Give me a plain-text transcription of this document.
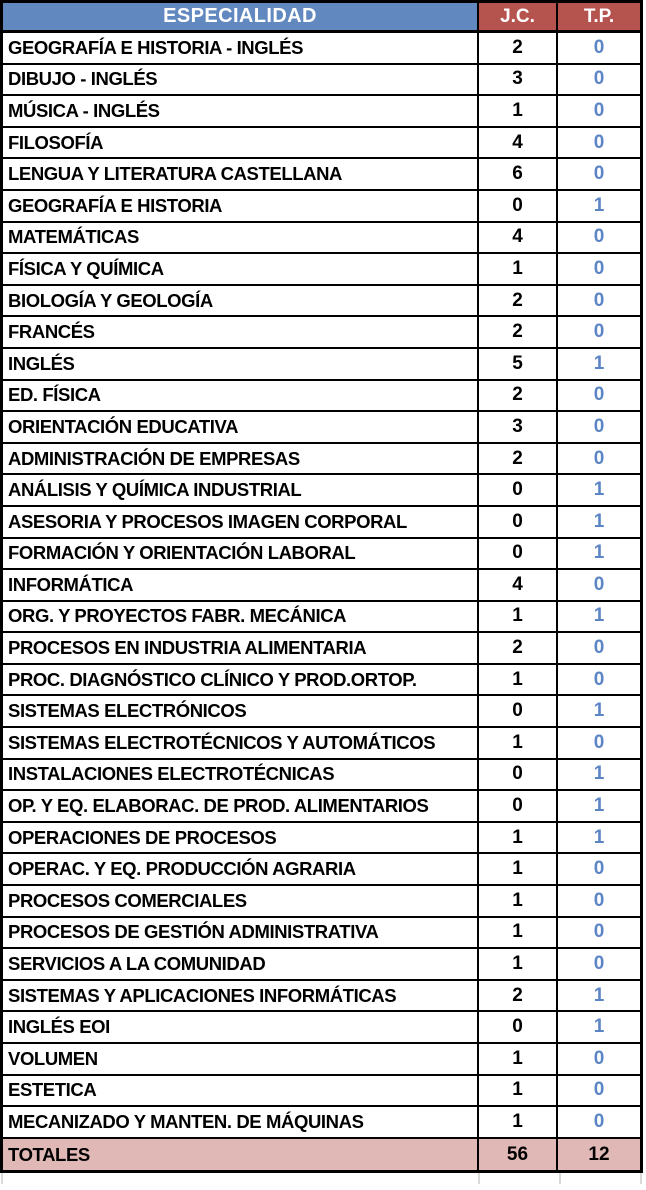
ESPECIALIDAD	J.C.	T.P.
GEOGRAFÍA E HISTORIA - INGLÉS	2	0
DIBUJO - INGLÉS	3	0
MÚSICA - INGLÉS	1	0
FILOSOFÍA	4	0
LENGUA Y LITERATURA CASTELLANA	6	0
GEOGRAFÍA E HISTORIA	0	1
MATEMÁTICAS	4	0
FÍSICA Y QUÍMICA	1	0
BIOLOGÍA Y GEOLOGÍA	2	0
FRANCÉS	2	0
INGLÉS	5	1
ED. FÍSICA	2	0
ORIENTACIÓN EDUCATIVA	3	0
ADMINISTRACIÓN DE EMPRESAS	2	0
ANÁLISIS Y QUÍMICA INDUSTRIAL	0	1
ASESORIA Y PROCESOS IMAGEN CORPORAL	0	1
FORMACIÓN Y ORIENTACIÓN LABORAL	0	1
INFORMÁTICA	4	0
ORG. Y PROYECTOS FABR. MECÁNICA	1	1
PROCESOS EN INDUSTRIA ALIMENTARIA	2	0
PROC. DIAGNÓSTICO CLÍNICO Y PROD.ORTOP.	1	0
SISTEMAS ELECTRÓNICOS	0	1
SISTEMAS ELECTROTÉCNICOS Y AUTOMÁTICOS	1	0
INSTALACIONES ELECTROTÉCNICAS	0	1
OP. Y EQ. ELABORAC. DE PROD. ALIMENTARIOS	0	1
OPERACIONES DE PROCESOS	1	1
OPERAC. Y EQ. PRODUCCIÓN AGRARIA	1	0
PROCESOS COMERCIALES	1	0
PROCESOS DE GESTIÓN ADMINISTRATIVA	1	0
SERVICIOS A LA COMUNIDAD	1	0
SISTEMAS Y APLICACIONES INFORMÁTICAS	2	1
INGLÉS EOI	0	1
VOLUMEN	1	0
ESTETICA	1	0
MECANIZADO Y MANTEN. DE MÁQUINAS	1	0
TOTALES	56	12
